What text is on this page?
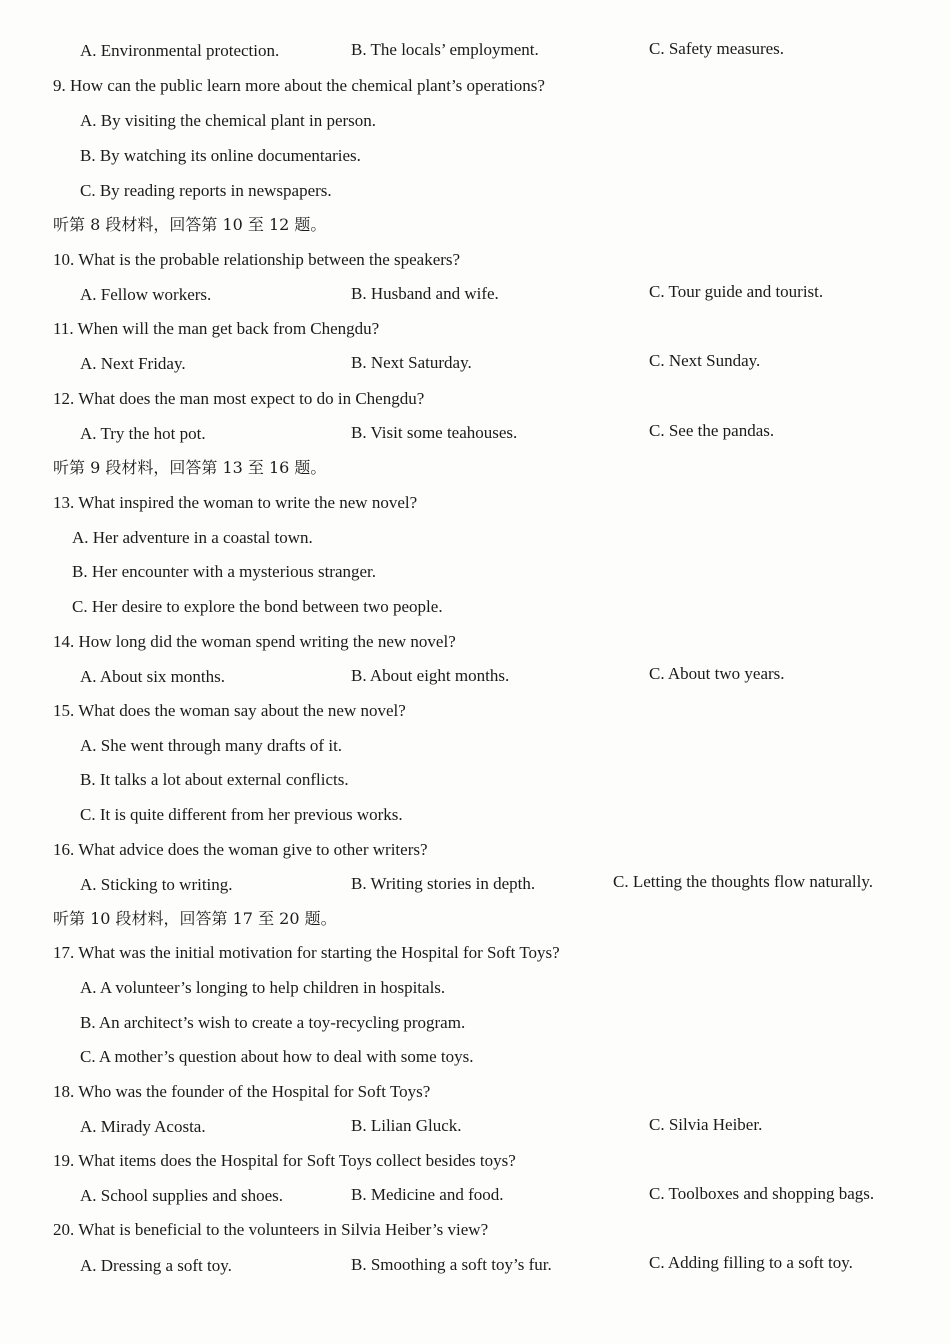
A. Environmental protection.	B. The locals’ employment.	C. Safety measures.
9. How can the public learn more about the chemical plant’s operations?
A. By visiting the chemical plant in person.
B. By watching its online documentaries.
C. By reading reports in newspapers.
听第 8 段材料，回答第 10 至 12 题。
10. What is the probable relationship between the speakers?
A. Fellow workers.	B. Husband and wife.	C. Tour guide and tourist.
11. When will the man get back from Chengdu?
A. Next Friday.	B. Next Saturday.	C. Next Sunday.
12. What does the man most expect to do in Chengdu?
A. Try the hot pot.	B. Visit some teahouses.	C. See the pandas.
听第 9 段材料，回答第 13 至 16 题。
13. What inspired the woman to write the new novel?
A. Her adventure in a coastal town.
B. Her encounter with a mysterious stranger.
C. Her desire to explore the bond between two people.
14. How long did the woman spend writing the new novel?
A. About six months.	B. About eight months.	C. About two years.
15. What does the woman say about the new novel?
A. She went through many drafts of it.
B. It talks a lot about external conflicts.
C. It is quite different from her previous works.
16. What advice does the woman give to other writers?
A. Sticking to writing.	B. Writing stories in depth.	C. Letting the thoughts flow naturally.
听第 10 段材料，回答第 17 至 20 题。
17. What was the initial motivation for starting the Hospital for Soft Toys?
A. A volunteer’s longing to help children in hospitals.
B. An architect’s wish to create a toy-recycling program.
C. A mother’s question about how to deal with some toys.
18. Who was the founder of the Hospital for Soft Toys?
A. Mirady Acosta.	B. Lilian Gluck.	C. Silvia Heiber.
19. What items does the Hospital for Soft Toys collect besides toys?
A. School supplies and shoes.	B. Medicine and food.	C. Toolboxes and shopping bags.
20. What is beneficial to the volunteers in Silvia Heiber’s view?
A. Dressing a soft toy.	B. Smoothing a soft toy’s fur.	C. Adding filling to a soft toy.
